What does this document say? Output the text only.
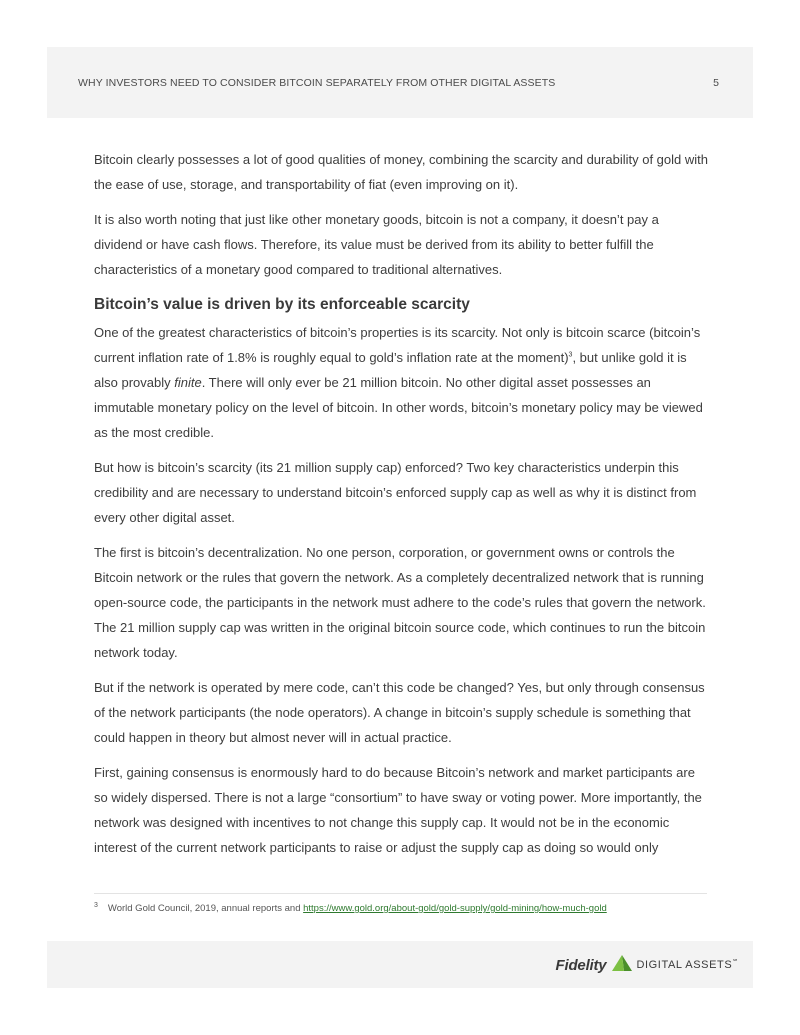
WHY INVESTORS NEED TO CONSIDER BITCOIN SEPARATELY FROM OTHER DIGITAL ASSETS	5

Bitcoin clearly possesses a lot of good qualities of money, combining the scarcity and durability of gold with the ease of use, storage, and transportability of fiat (even improving on it).

It is also worth noting that just like other monetary goods, bitcoin is not a company, it doesn’t pay a dividend or have cash flows. Therefore, its value must be derived from its ability to better fulfill the characteristics of a monetary good compared to traditional alternatives.

Bitcoin’s value is driven by its enforceable scarcity

One of the greatest characteristics of bitcoin’s properties is its scarcity. Not only is bitcoin scarce (bitcoin’s current inflation rate of 1.8% is roughly equal to gold’s inflation rate at the moment)$^3$, but unlike gold it is also provably finite. There will only ever be 21 million bitcoin. No other digital asset possesses an immutable monetary policy on the level of bitcoin. In other words, bitcoin’s monetary policy may be viewed as the most credible.

But how is bitcoin’s scarcity (its 21 million supply cap) enforced? Two key characteristics underpin this credibility and are necessary to understand bitcoin’s enforced supply cap as well as why it is distinct from every other digital asset.

The first is bitcoin’s decentralization. No one person, corporation, or government owns or controls the Bitcoin network or the rules that govern the network. As a completely decentralized network that is running open-source code, the participants in the network must adhere to the code’s rules that govern the network. The 21 million supply cap was written in the original bitcoin source code, which continues to run the bitcoin network today.

But if the network is operated by mere code, can’t this code be changed? Yes, but only through consensus of the network participants (the node operators). A change in bitcoin’s supply schedule is something that could happen in theory but almost never will in actual practice.

First, gaining consensus is enormously hard to do because Bitcoin’s network and market participants are so widely dispersed. There is not a large “consortium” to have sway or voting power. More importantly, the network was designed with incentives to not change this supply cap. It would not be in the economic interest of the current network participants to raise or adjust the supply cap as doing so would only

$^3$ World Gold Council, 2019, annual reports and https://www.gold.org/about-gold/gold-supply/gold-mining/how-much-gold
Fidelity	DIGITAL ASSETS℠
